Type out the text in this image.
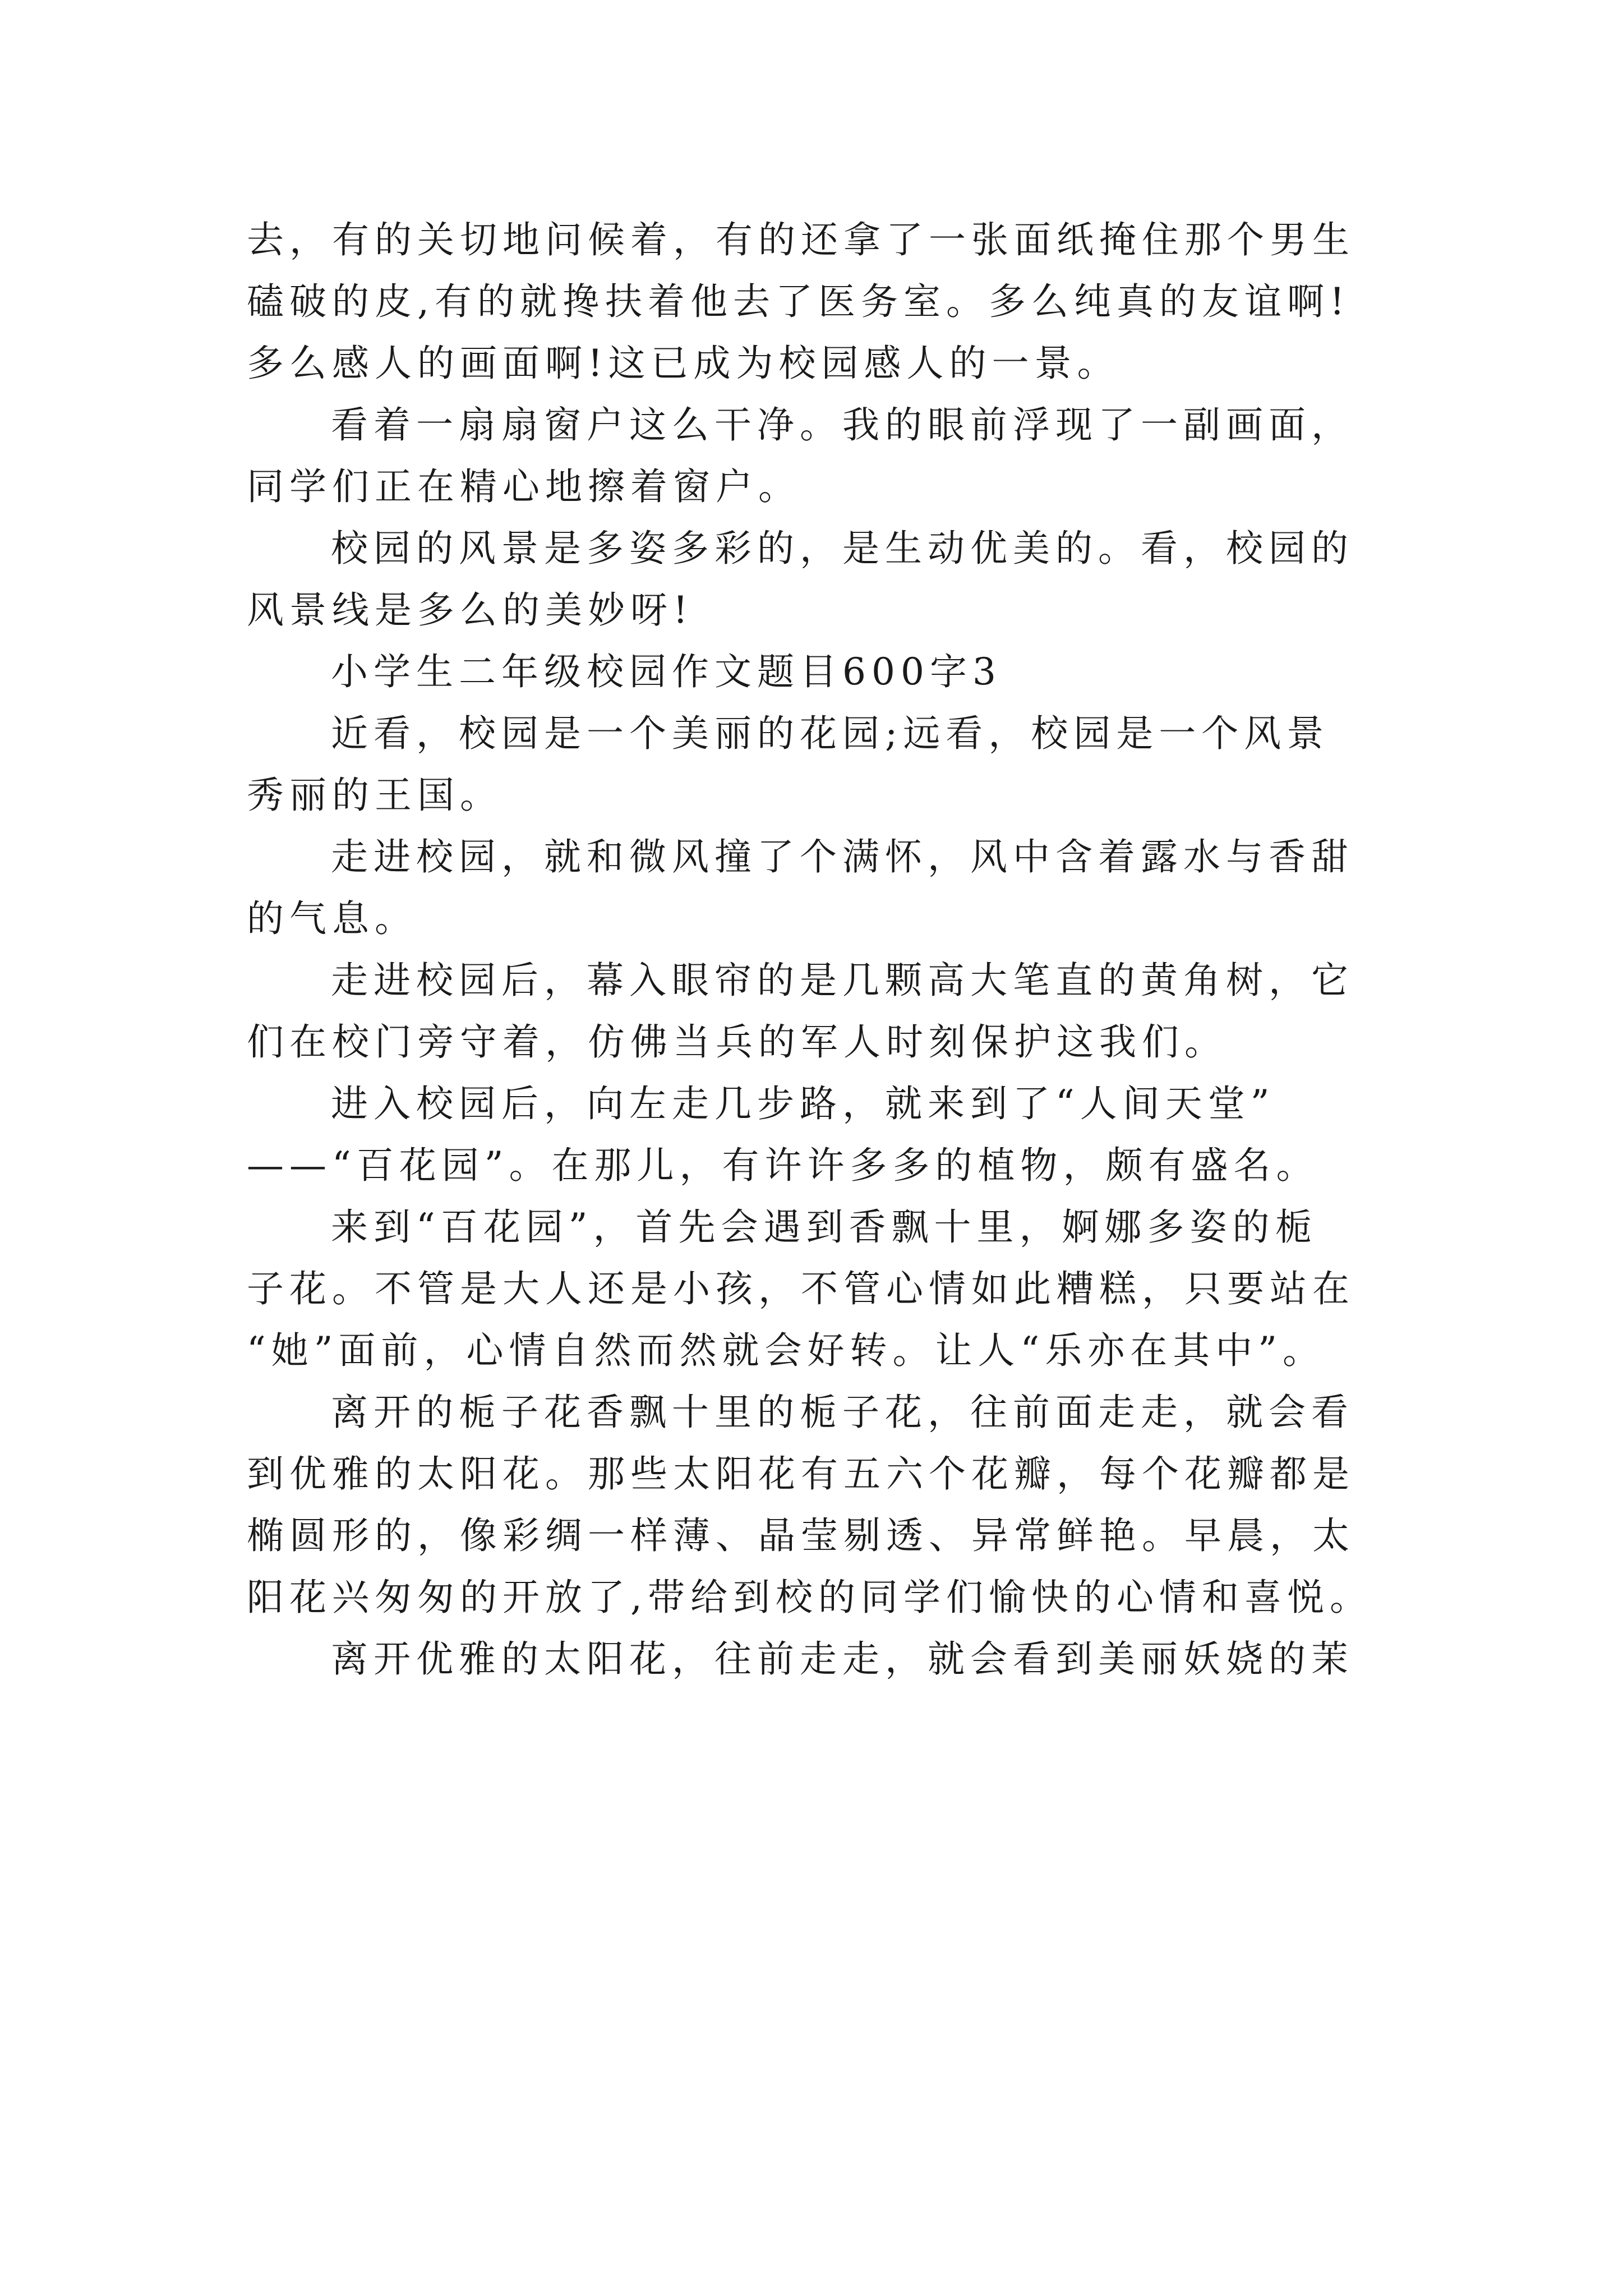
去，有的关切地问候着，有的还拿了一张面纸掩住那个男生
磕破的皮,有的就搀扶着他去了医务室。多么纯真的友谊啊!
多么感人的画面啊!这已成为校园感人的一景。

看着一扇扇窗户这么干净。我的眼前浮现了一副画面，
同学们正在精心地擦着窗户。

校园的风景是多姿多彩的，是生动优美的。看，校园的
风景线是多么的美妙呀!

小学生二年级校园作文题目600字3

近看，校园是一个美丽的花园;远看，校园是一个风景
秀丽的王国。

走进校园，就和微风撞了个满怀，风中含着露水与香甜
的气息。

走进校园后，幕入眼帘的是几颗高大笔直的黄角树，它
们在校门旁守着，仿佛当兵的军人时刻保护这我们。

进入校园后，向左走几步路，就来到了“人间天堂”
——“百花园”。在那儿，有许许多多的植物，颇有盛名。

来到“百花园”，首先会遇到香飘十里，婀娜多姿的栀
子花。不管是大人还是小孩，不管心情如此糟糕，只要站在
“她”面前，心情自然而然就会好转。让人“乐亦在其中”。

离开的栀子花香飘十里的栀子花，往前面走走，就会看
到优雅的太阳花。那些太阳花有五六个花瓣，每个花瓣都是
椭圆形的，像彩绸一样薄、晶莹剔透、异常鲜艳。早晨，太
阳花兴匆匆的开放了,带给到校的同学们愉快的心情和喜悦。

离开优雅的太阳花，往前走走，就会看到美丽妖娆的茉
